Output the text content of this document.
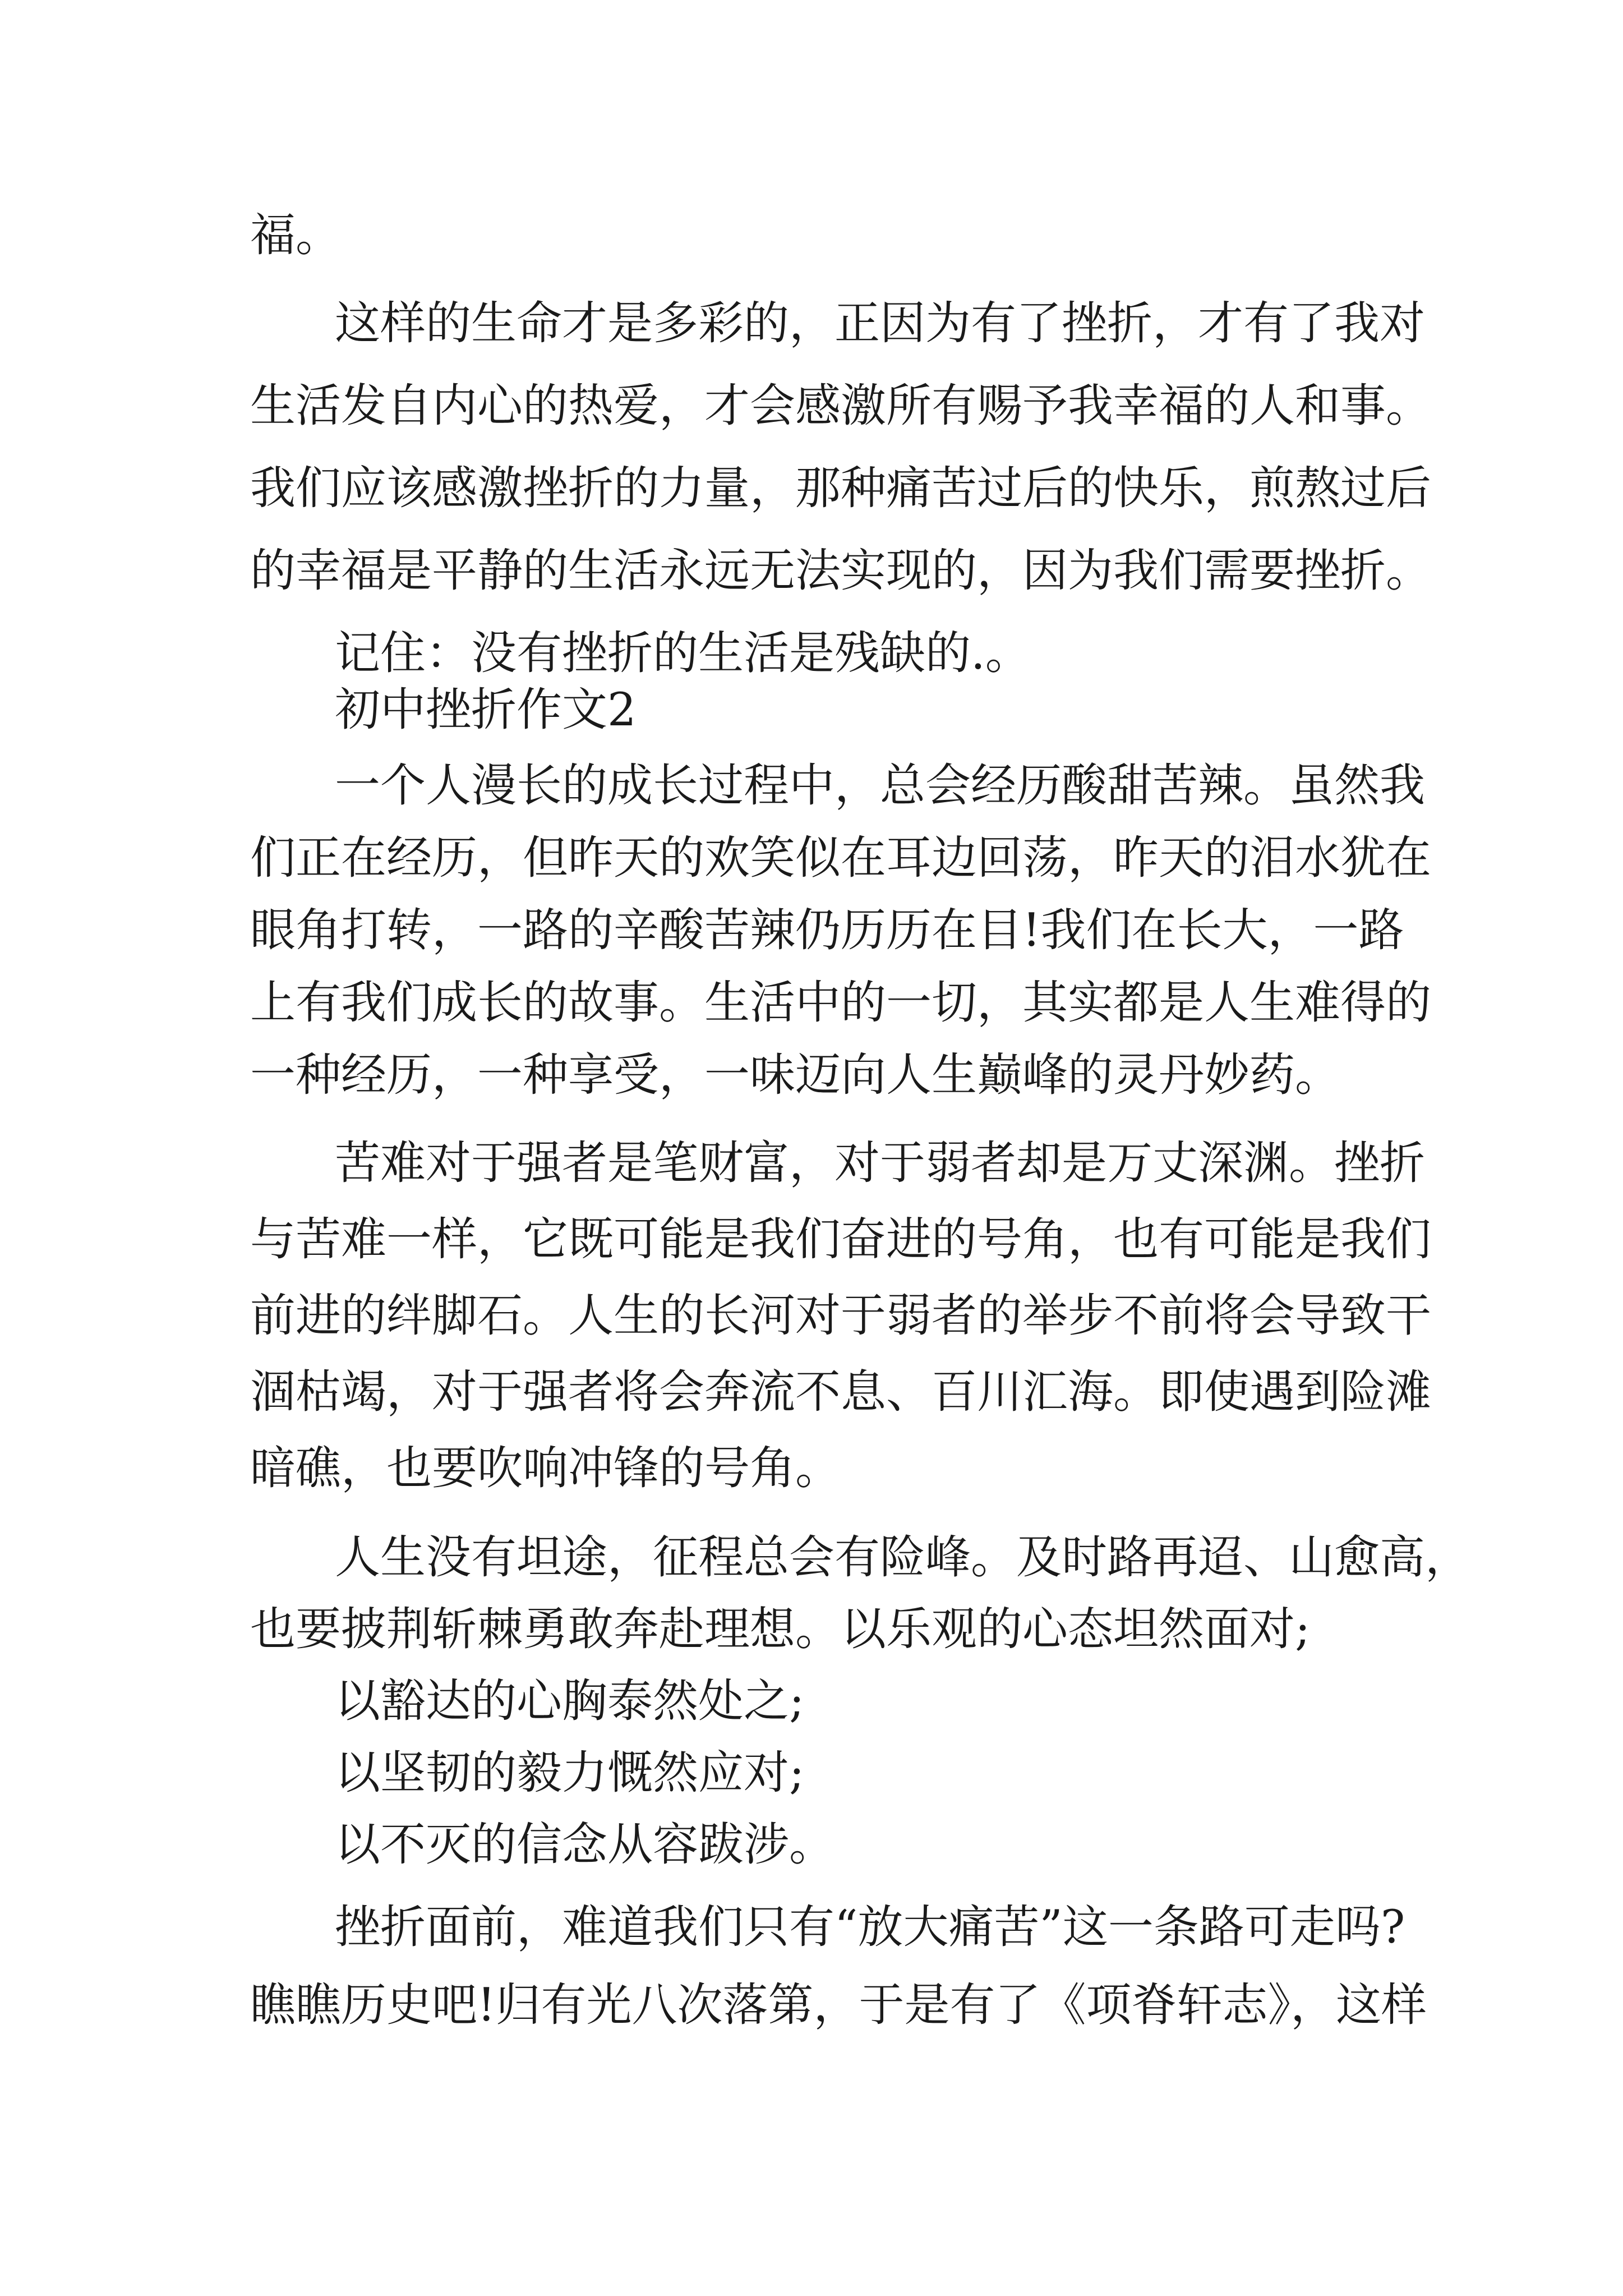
福。

这样的生命才是多彩的，正因为有了挫折，才有了我对

生活发自内心的热爱，才会感激所有赐予我幸福的人和事。

我们应该感激挫折的力量，那种痛苦过后的快乐，煎熬过后

的幸福是平静的生活永远无法实现的，因为我们需要挫折。

记住：没有挫折的生活是残缺的.。

初中挫折作文2

一个人漫长的成长过程中，总会经历酸甜苦辣。虽然我

们正在经历，但昨天的欢笑似在耳边回荡，昨天的泪水犹在

眼角打转，一路的辛酸苦辣仍历历在目!我们在长大，一路

上有我们成长的故事。生活中的一切，其实都是人生难得的

一种经历，一种享受，一味迈向人生巅峰的灵丹妙药。

苦难对于强者是笔财富，对于弱者却是万丈深渊。挫折

与苦难一样，它既可能是我们奋进的号角，也有可能是我们

前进的绊脚石。人生的长河对于弱者的举步不前将会导致干

涸枯竭，对于强者将会奔流不息、百川汇海。即使遇到险滩

暗礁，也要吹响冲锋的号角。

人生没有坦途，征程总会有险峰。及时路再迢、山愈高，

也要披荆斩棘勇敢奔赴理想。以乐观的心态坦然面对;

以豁达的心胸泰然处之;

以坚韧的毅力慨然应对;

以不灭的信念从容跋涉。

挫折面前，难道我们只有“放大痛苦”这一条路可走吗?

瞧瞧历史吧!归有光八次落第，于是有了《项脊轩志》，这样
